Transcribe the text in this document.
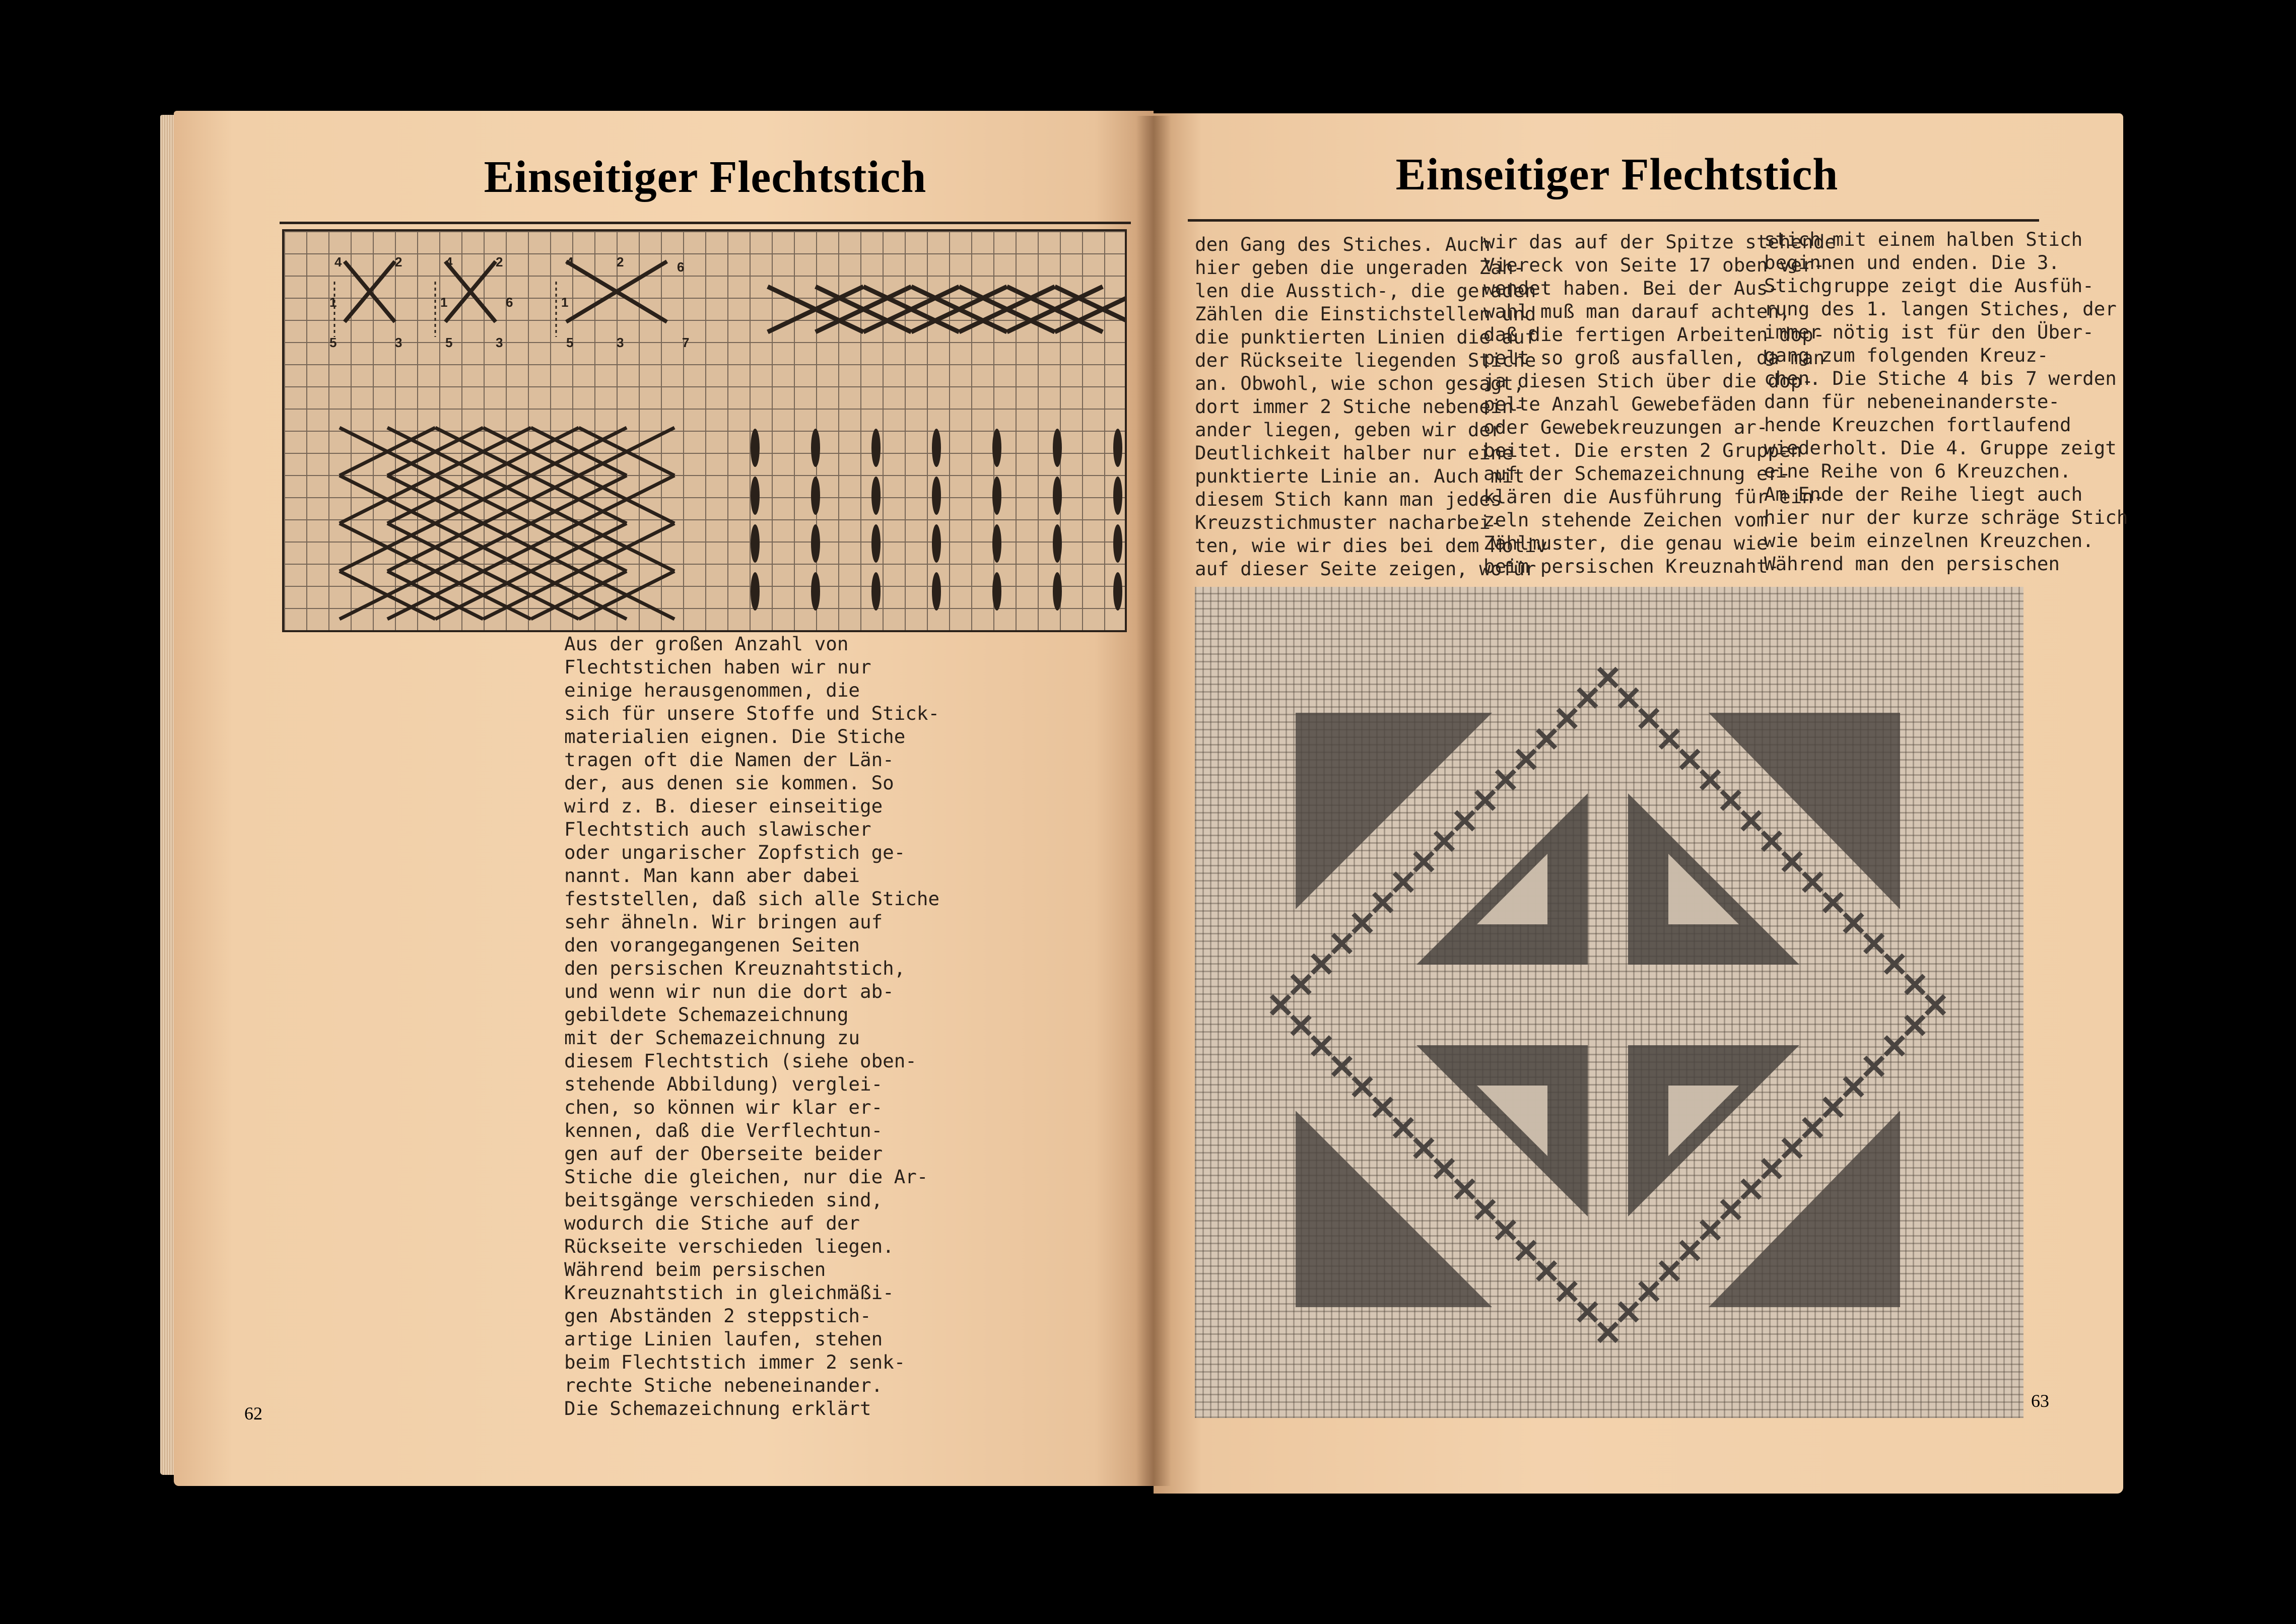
Einseitiger Flechtstich
4	2
1
5	3
4	2
1	6
5	3
4	2	6
1
5	3	7
Aus der großen Anzahl von
Flechtstichen haben wir nur
einige herausgenommen, die
sich für unsere Stoffe und Stick-
materialien eignen. Die Stiche
tragen oft die Namen der Län-
der, aus denen sie kommen. So
wird z. B. dieser einseitige
Flechtstich auch slawischer
oder ungarischer Zopfstich ge-
nannt. Man kann aber dabei
feststellen, daß sich alle Stiche
sehr ähneln. Wir bringen auf
den vorangegangenen Seiten
den persischen Kreuznahtstich,
und wenn wir nun die dort ab-
gebildete Schemazeichnung
mit der Schemazeichnung zu
diesem Flechtstich (siehe oben-
stehende Abbildung) verglei-
chen, so können wir klar er-
kennen, daß die Verflechtun-
gen auf der Oberseite beider
Stiche die gleichen, nur die Ar-
beitsgänge verschieden sind,
wodurch die Stiche auf der
Rückseite verschieden liegen.
Während beim persischen
Kreuznahtstich in gleichmäßi-
gen Abständen 2 steppstich-
artige Linien laufen, stehen
beim Flechtstich immer 2 senk-
rechte Stiche nebeneinander.
Die Schemazeichnung erklärt
62
Einseitiger Flechtstich
den Gang des Stiches. Auch
hier geben die ungeraden Zah-
len die Ausstich-, die geraden
Zählen die Einstichstellen und
die punktierten Linien die auf
der Rückseite liegenden Stiche
an. Obwohl, wie schon gesagt,
dort immer 2 Stiche nebenein-
ander liegen, geben wir der
Deutlichkeit halber nur eine
punktierte Linie an. Auch mit
diesem Stich kann man jedes
Kreuzstichmuster nacharbei-
ten, wie wir dies bei dem Motiv
auf dieser Seite zeigen, wofür
wir das auf der Spitze stehende
Viereck von Seite 17 oben ver-
wendet haben. Bei der Aus-
wahl muß man darauf achten,
daß die fertigen Arbeiten dop-
pelt so groß ausfallen, da man
ja diesen Stich über die dop-
pelte Anzahl Gewebefäden
oder Gewebekreuzungen ar-
beitet. Die ersten 2 Gruppen
auf der Schemazeichnung er-
klären die Ausführung für ein-
zeln stehende Zeichen vom
Zählmuster, die genau wie
beim persischen Kreuznaht-
stich mit einem halben Stich
beginnen und enden. Die 3.
Stichgruppe zeigt die Ausfüh-
rung des 1. langen Stiches, der
immer nötig ist für den Über-
gang zum folgenden Kreuz-
chen. Die Stiche 4 bis 7 werden
dann für nebeneinanderste-
hende Kreuzchen fortlaufend
wiederholt. Die 4. Gruppe zeigt
eine Reihe von 6 Kreuzchen.
Am Ende der Reihe liegt auch
hier nur der kurze schräge Stich
wie beim einzelnen Kreuzchen.
Während man den persischen
63
